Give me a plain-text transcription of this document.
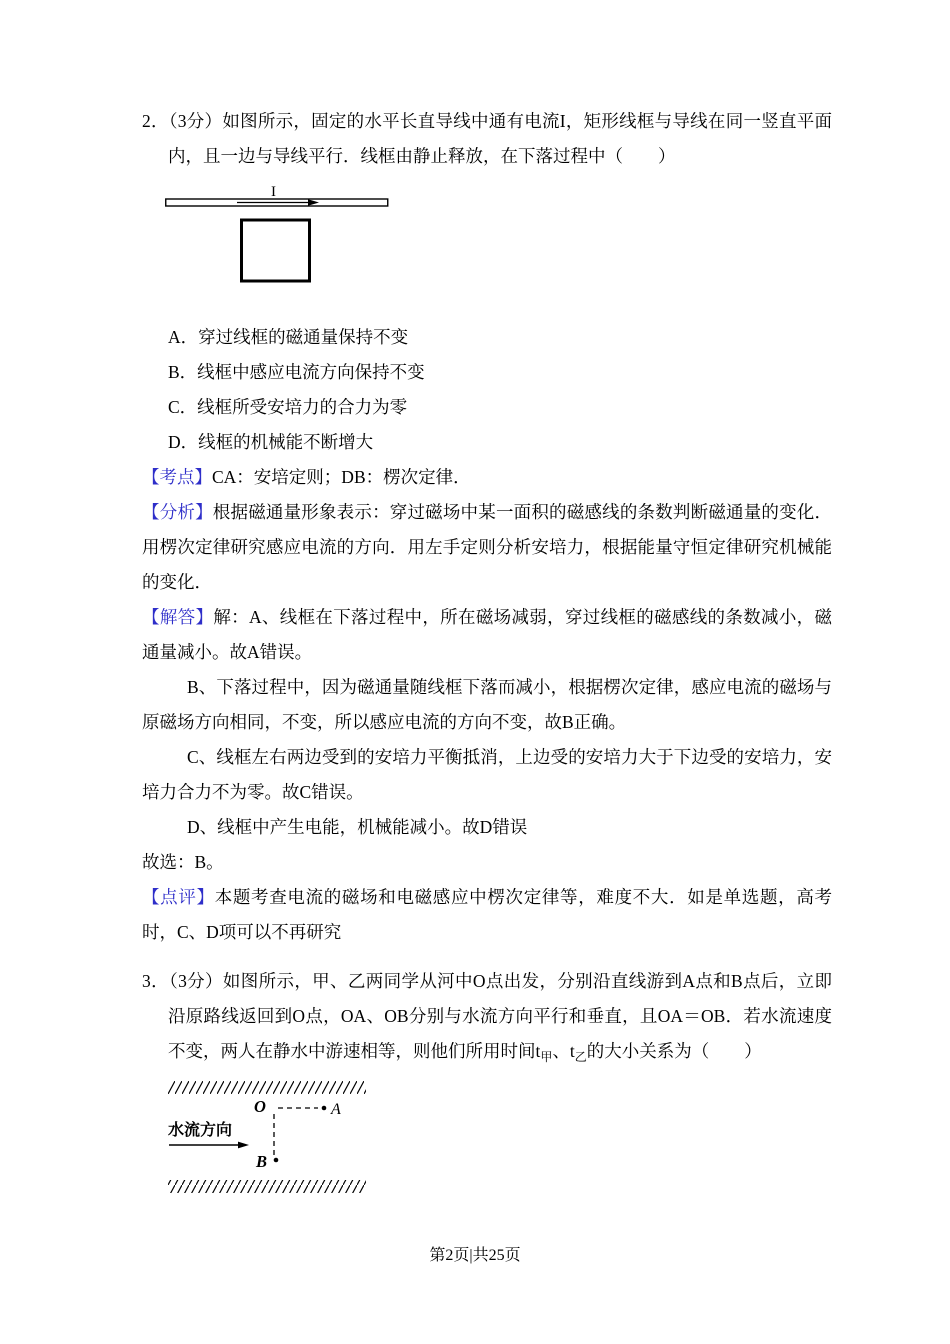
2．（3分）如图所示，固定的水平长直导线中通有电流I，矩形线框与导线在同一竖直平面内，且一边与导线平行．线框由静止释放，在下落过程中（　　）

I

A．穿过线框的磁通量保持不变

B．线框中感应电流方向保持不变

C．线框所受安培力的合力为零

D．线框的机械能不断增大

【考点】CA：安培定则；DB：楞次定律．

【分析】根据磁通量形象表示：穿过磁场中某一面积的磁感线的条数判断磁通量的变化．用楞次定律研究感应电流的方向．用左手定则分析安培力，根据能量守恒定律研究机械能的变化．

【解答】解：A、线框在下落过程中，所在磁场减弱，穿过线框的磁感线的条数减小，磁通量减小。故A错误。

B、下落过程中，因为磁通量随线框下落而减小，根据楞次定律，感应电流的磁场与原磁场方向相同，不变，所以感应电流的方向不变，故B正确。

C、线框左右两边受到的安培力平衡抵消，上边受的安培力大于下边受的安培力，安培力合力不为零。故C错误。

D、线框中产生电能，机械能减小。故D错误

故选：B。

【点评】本题考查电流的磁场和电磁感应中楞次定律等，难度不大．如是单选题，高考时，C、D项可以不再研究

3．（3分）如图所示，甲、乙两同学从河中O点出发，分别沿直线游到A点和B点后，立即沿原路线返回到O点，OA、OB分别与水流方向平行和垂直，且OA＝OB．若水流速度不变，两人在静水中游速相等，则他们所用时间$t_甲$、$t_乙$的大小关系为（　　）

水流方向
O	A
B
第2页|共25页
